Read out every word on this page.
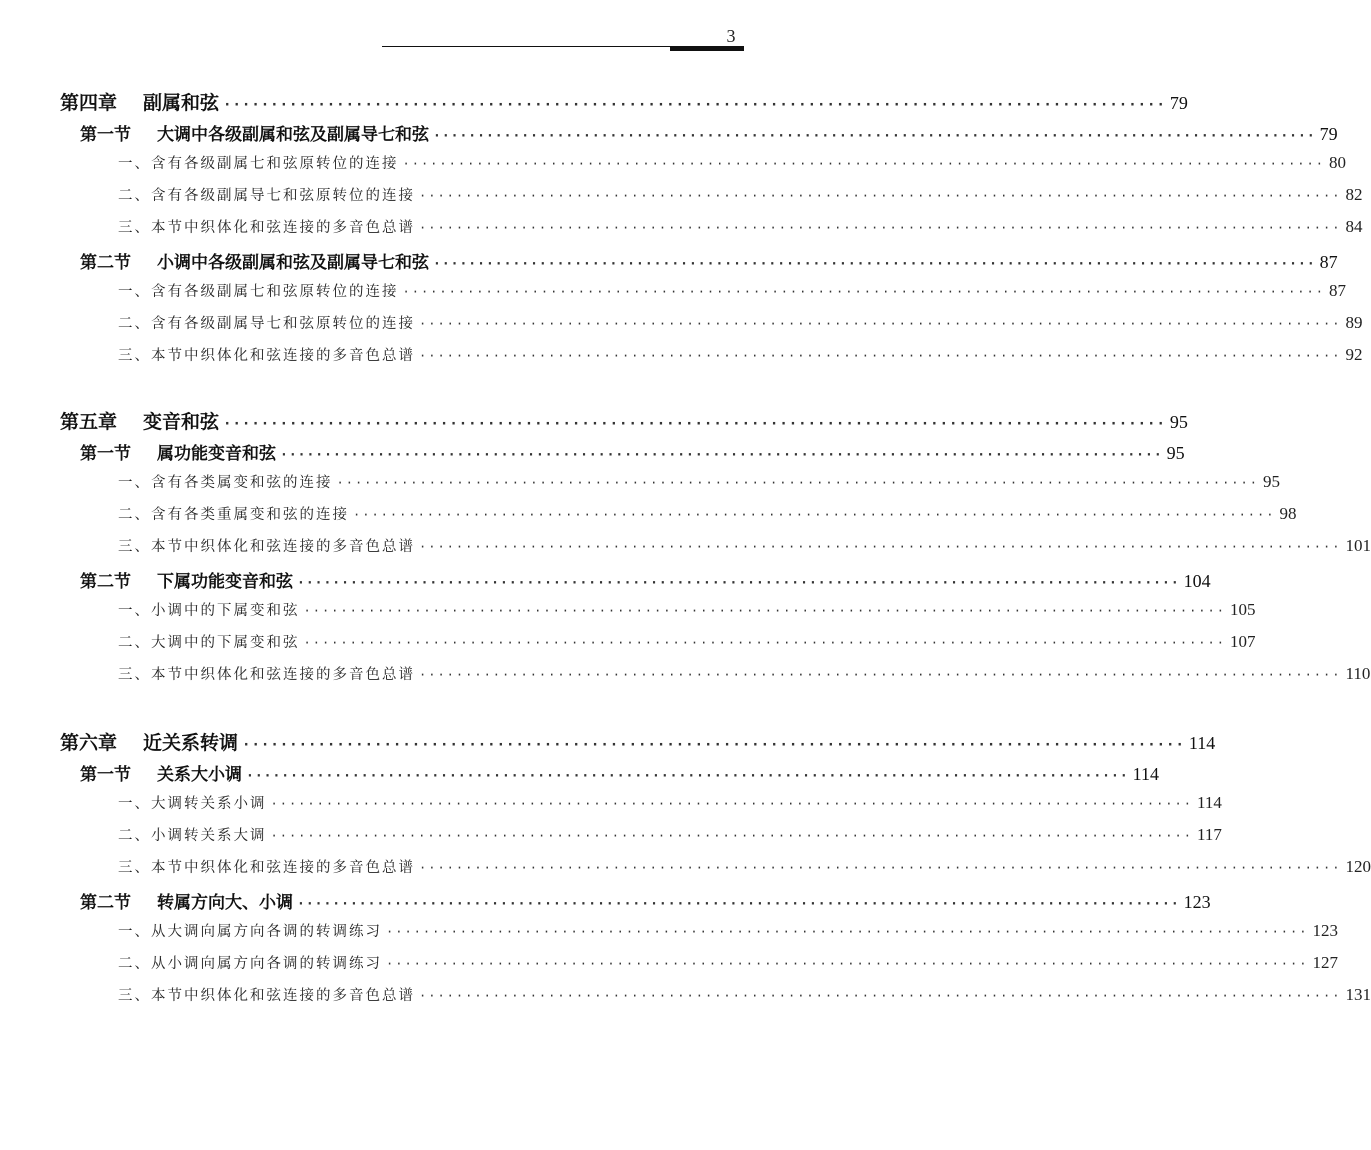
3
第四章 副属和弦 ···································································································· 79
第一节 大调中各级副属和弦及副属导七和弦 ···································································································· 79
一、含有各级副属七和弦原转位的连接 ···································································································· 80
二、含有各级副属导七和弦原转位的连接 ···································································································· 82
三、本节中织体化和弦连接的多音色总谱 ···································································································· 84
第二节 小调中各级副属和弦及副属导七和弦 ···································································································· 87
一、含有各级副属七和弦原转位的连接 ···································································································· 87
二、含有各级副属导七和弦原转位的连接 ···································································································· 89
三、本节中织体化和弦连接的多音色总谱 ···································································································· 92
第五章 变音和弦 ···································································································· 95
第一节 属功能变音和弦 ···································································································· 95
一、含有各类属变和弦的连接 ···································································································· 95
二、含有各类重属变和弦的连接 ···································································································· 98
三、本节中织体化和弦连接的多音色总谱 ···································································································· 101
第二节 下属功能变音和弦 ···································································································· 104
一、小调中的下属变和弦 ···································································································· 105
二、大调中的下属变和弦 ···································································································· 107
三、本节中织体化和弦连接的多音色总谱 ···································································································· 110
第六章 近关系转调 ···································································································· 114
第一节 关系大小调 ···································································································· 114
一、大调转关系小调 ···································································································· 114
二、小调转关系大调 ···································································································· 117
三、本节中织体化和弦连接的多音色总谱 ···································································································· 120
第二节 转属方向大、小调 ···································································································· 123
一、从大调向属方向各调的转调练习 ···································································································· 123
二、从小调向属方向各调的转调练习 ···································································································· 127
三、本节中织体化和弦连接的多音色总谱 ···································································································· 131
